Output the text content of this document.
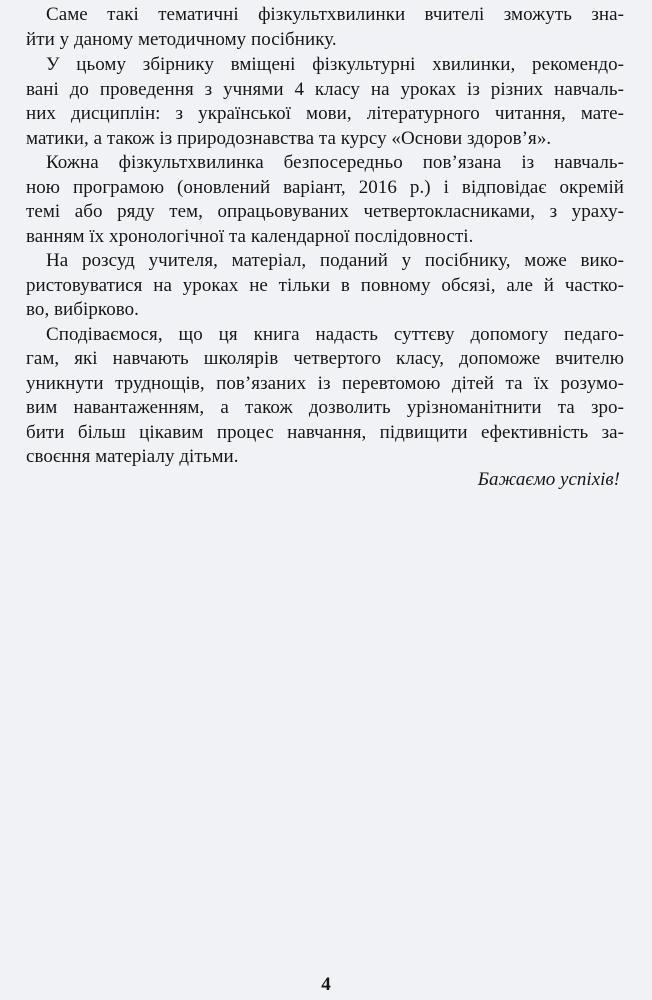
Саме такі тематичні фізкультхвилинки вчителі зможуть зна-
йти у даному методичному посібнику.
У цьому збірнику вміщені фізкультурні хвилинки, рекомендо-
вані до проведення з учнями 4 класу на уроках із різних навчаль-
них дисциплін: з української мови, літературного читання, мате-
матики, а також із природознавства та курсу «Основи здоров’я».
Кожна фізкультхвилинка безпосередньо пов’язана із навчаль-
ною програмою (оновлений варіант, 2016 р.) і відповідає окремій
темі або ряду тем, опрацьовуваних четвертокласниками, з ураху-
ванням їх хронологічної та календарної послідовності.
На розсуд учителя, матеріал, поданий у посібнику, може вико-
ристовуватися на уроках не тільки в повному обсязі, але й частко-
во, вибірково.
Сподіваємося, що ця книга надасть суттєву допомогу педаго-
гам, які навчають школярів четвертого класу, допоможе вчителю
уникнути труднощів, пов’язаних із перевтомою дітей та їх розумо-
вим навантаженням, а також дозволить урізноманітнити та зро-
бити більш цікавим процес навчання, підвищити ефективність за-
своєння матеріалу дітьми.
Бажаємо успіхів!
4
